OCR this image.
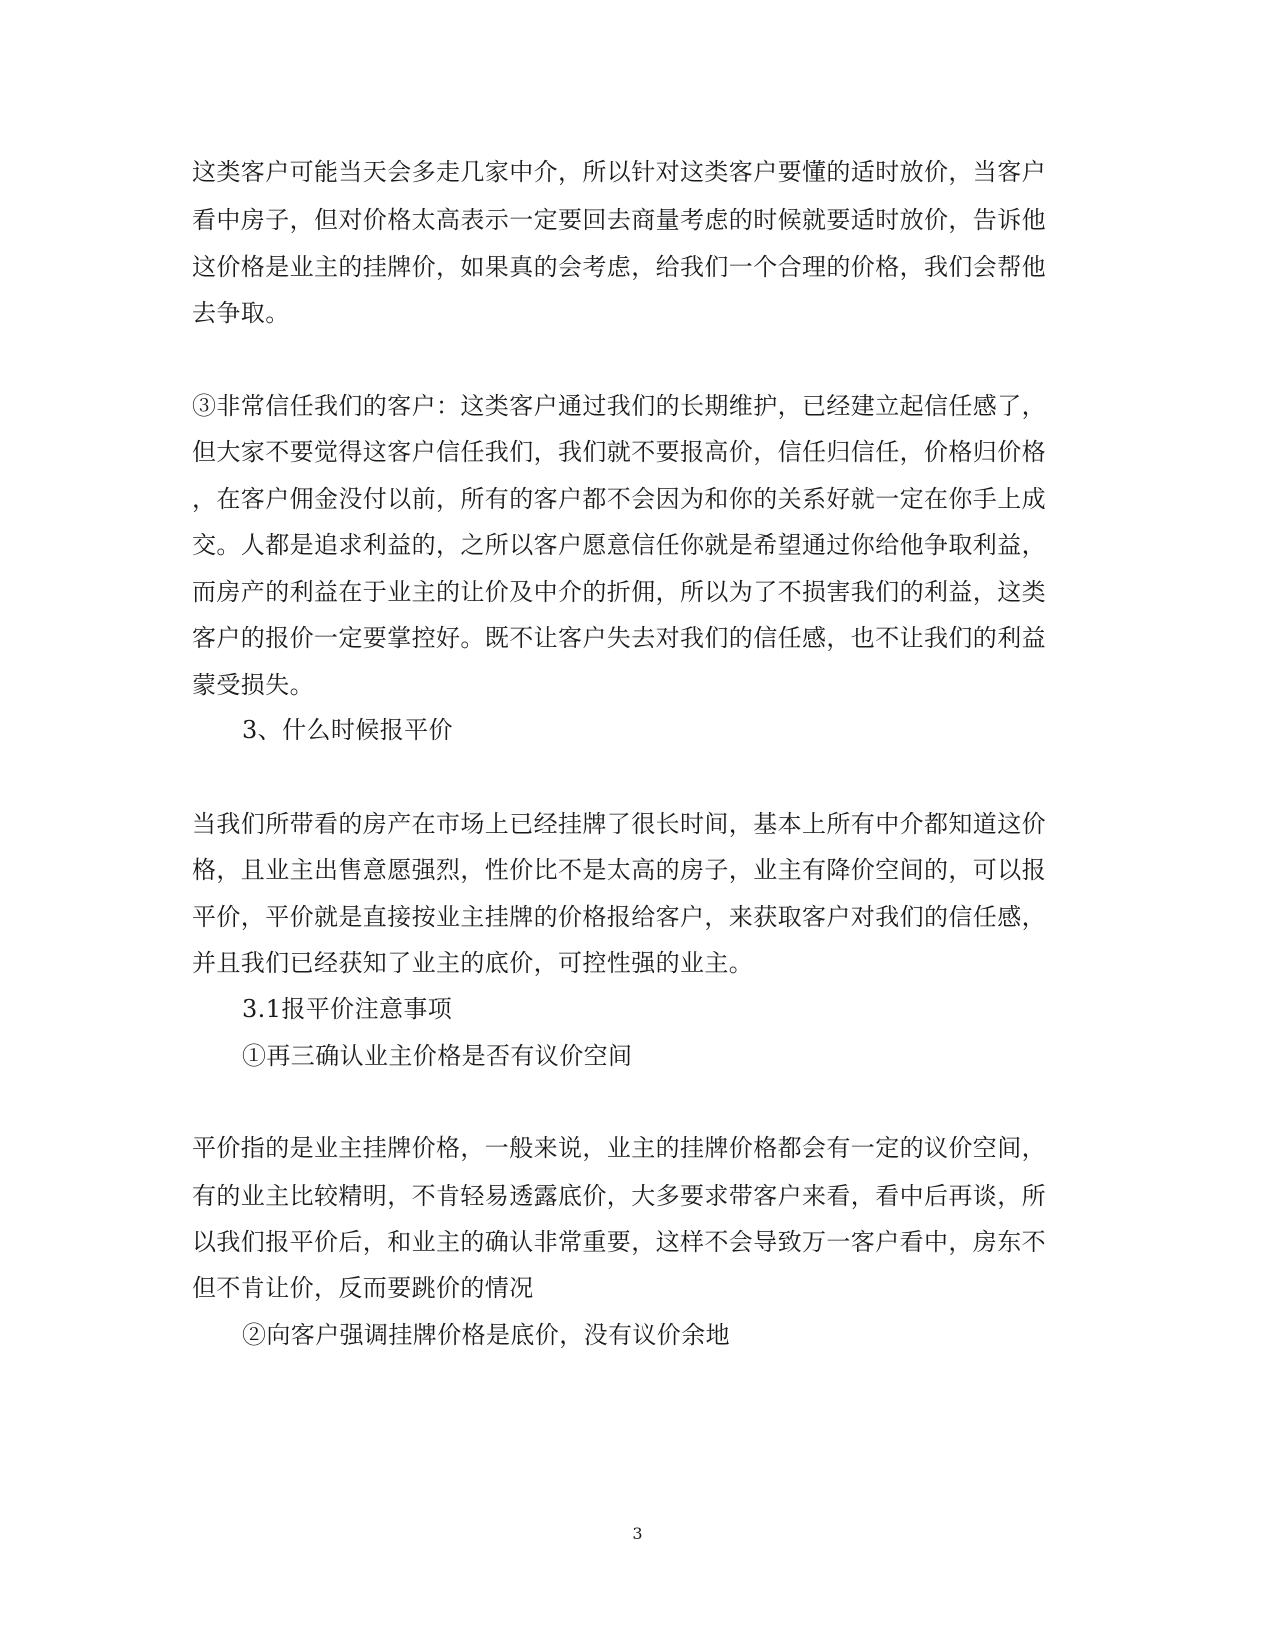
这类客户可能当天会多走几家中介，所以针对这类客户要懂的适时放价，当客户
看中房子，但对价格太高表示一定要回去商量考虑的时候就要适时放价，告诉他
这价格是业主的挂牌价，如果真的会考虑，给我们一个合理的价格，我们会帮他
去争取。
③非常信任我们的客户：这类客户通过我们的长期维护，已经建立起信任感了，
但大家不要觉得这客户信任我们，我们就不要报高价，信任归信任，价格归价格
，在客户佣金没付以前，所有的客户都不会因为和你的关系好就一定在你手上成
交。人都是追求利益的，之所以客户愿意信任你就是希望通过你给他争取利益，
而房产的利益在于业主的让价及中介的折佣，所以为了不损害我们的利益，这类
客户的报价一定要掌控好。既不让客户失去对我们的信任感，也不让我们的利益
蒙受损失。
3、什么时候报平价
当我们所带看的房产在市场上已经挂牌了很长时间，基本上所有中介都知道这价
格，且业主出售意愿强烈，性价比不是太高的房子，业主有降价空间的，可以报
平价，平价就是直接按业主挂牌的价格报给客户，来获取客户对我们的信任感，
并且我们已经获知了业主的底价，可控性强的业主。
3.1报平价注意事项
①再三确认业主价格是否有议价空间
平价指的是业主挂牌价格，一般来说，业主的挂牌价格都会有一定的议价空间，
有的业主比较精明，不肯轻易透露底价，大多要求带客户来看，看中后再谈，所
以我们报平价后，和业主的确认非常重要，这样不会导致万一客户看中，房东不
但不肯让价，反而要跳价的情况
②向客户强调挂牌价格是底价，没有议价余地
3
